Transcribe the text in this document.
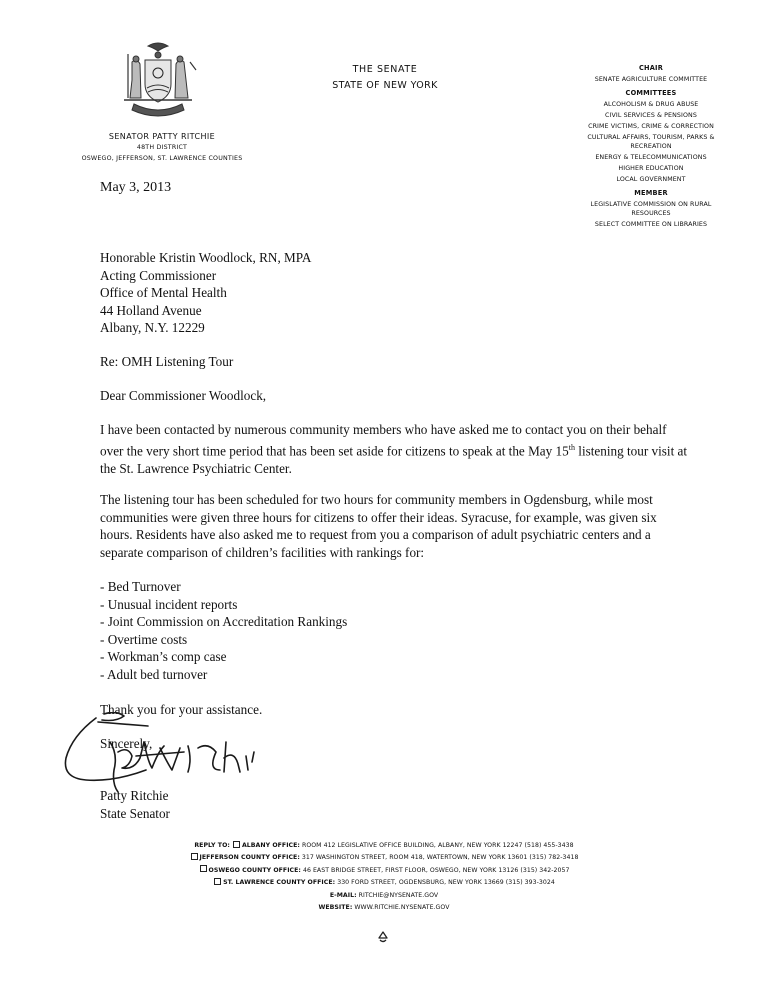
SENATOR PATTY RITCHIE
48TH DISTRICT
OSWEGO, JEFFERSON, ST. LAWRENCE COUNTIES
THE SENATE
STATE OF NEW YORK
CHAIR
SENATE AGRICULTURE COMMITTEE
COMMITTEES
ALCOHOLISM & DRUG ABUSE
CIVIL SERVICES & PENSIONS
CRIME VICTIMS, CRIME & CORRECTION
CULTURAL AFFAIRS, TOURISM, PARKS & RECREATION
ENERGY & TELECOMMUNICATIONS
HIGHER EDUCATION
LOCAL GOVERNMENT
MEMBER
LEGISLATIVE COMMISSION ON RURAL RESOURCES
SELECT COMMITTEE ON LIBRARIES
May 3, 2013
Honorable Kristin Woodlock, RN, MPA
Acting Commissioner
Office of Mental Health
44 Holland Avenue
Albany, N.Y. 12229
Re: OMH Listening Tour
Dear Commissioner Woodlock,
I have been contacted by numerous community members who have asked me to contact you on their behalf over the very short time period that has been set aside for citizens to speak at the May 15th listening tour visit at the St. Lawrence Psychiatric Center.
The listening tour has been scheduled for two hours for community members in Ogdensburg, while most communities were given three hours for citizens to offer their ideas. Syracuse, for example, was given six hours. Residents have also asked me to request from you a comparison of adult psychiatric centers and a separate comparison of children’s facilities with rankings for:
- Bed Turnover
- Unusual incident reports
- Joint Commission on Accreditation Rankings
- Overtime costs
- Workman’s comp case
- Adult bed turnover
Thank you for your assistance.
Sincerely,
Patty Ritchie
State Senator
REPLY TO: ALBANY OFFICE: ROOM 412 LEGISLATIVE OFFICE BUILDING, ALBANY, NEW YORK 12247 (518) 455-3438
JEFFERSON COUNTY OFFICE: 317 WASHINGTON STREET, ROOM 418, WATERTOWN, NEW YORK 13601 (315) 782-3418
OSWEGO COUNTY OFFICE: 46 EAST BRIDGE STREET, FIRST FLOOR, OSWEGO, NEW YORK 13126 (315) 342-2057
ST. LAWRENCE COUNTY OFFICE: 330 FORD STREET, OGDENSBURG, NEW YORK 13669 (315) 393-3024
E-MAIL: RITCHIE@NYSENATE.GOV
WEBSITE: WWW.RITCHIE.NYSENATE.GOV
